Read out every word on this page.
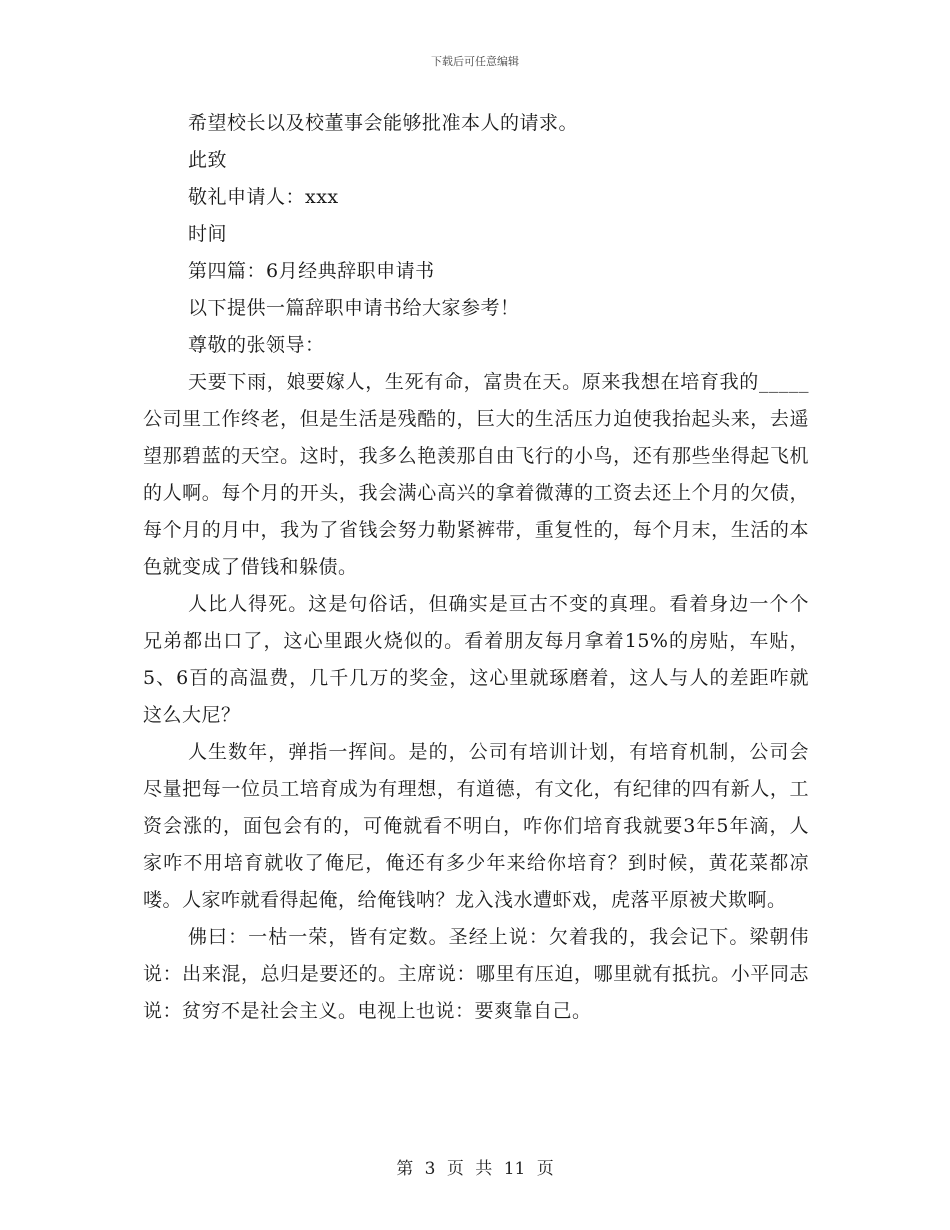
下载后可任意编辑

希望校长以及校董事会能够批准本人的请求。

此致

敬礼申请人：xxx

时间

第四篇：6月经典辞职申请书

以下提供一篇辞职申请书给大家参考！

尊敬的张领导：

天要下雨，娘要嫁人，生死有命，富贵在天。原来我想在培育我的_____ 公司里工作终老，但是生活是残酷的，巨大的生活压力迫使我抬起头来，去遥望那碧蓝的天空。这时，我多么艳羡那自由飞行的小鸟，还有那些坐得起飞机的人啊。每个月的开头，我会满心高兴的拿着微薄的工资去还上个月的欠债，每个月的月中，我为了省钱会努力勒紧裤带，重复性的，每个月末，生活的本色就变成了借钱和躲债。

人比人得死。这是句俗话，但确实是亘古不变的真理。看着身边一个个兄弟都出口了，这心里跟火烧似的。看着朋友每月拿着15%的房贴，车贴，5、6百的高温费，几千几万的奖金，这心里就琢磨着，这人与人的差距咋就这么大尼？

人生数年，弹指一挥间。是的，公司有培训计划，有培育机制，公司会尽量把每一位员工培育成为有理想，有道德，有文化，有纪律的四有新人，工资会涨的，面包会有的，可俺就看不明白，咋你们培育我就要3年5年滴，人家咋不用培育就收了俺尼，俺还有多少年来给你培育？到时候，黄花菜都凉喽。人家咋就看得起俺，给俺钱呐？龙入浅水遭虾戏，虎落平原被犬欺啊。

佛曰：一枯一荣，皆有定数。圣经上说：欠着我的，我会记下。梁朝伟说：出来混，总归是要还的。主席说：哪里有压迫，哪里就有抵抗。小平同志说：贫穷不是社会主义。电视上也说：要爽靠自己。

第 3 页 共 11 页
